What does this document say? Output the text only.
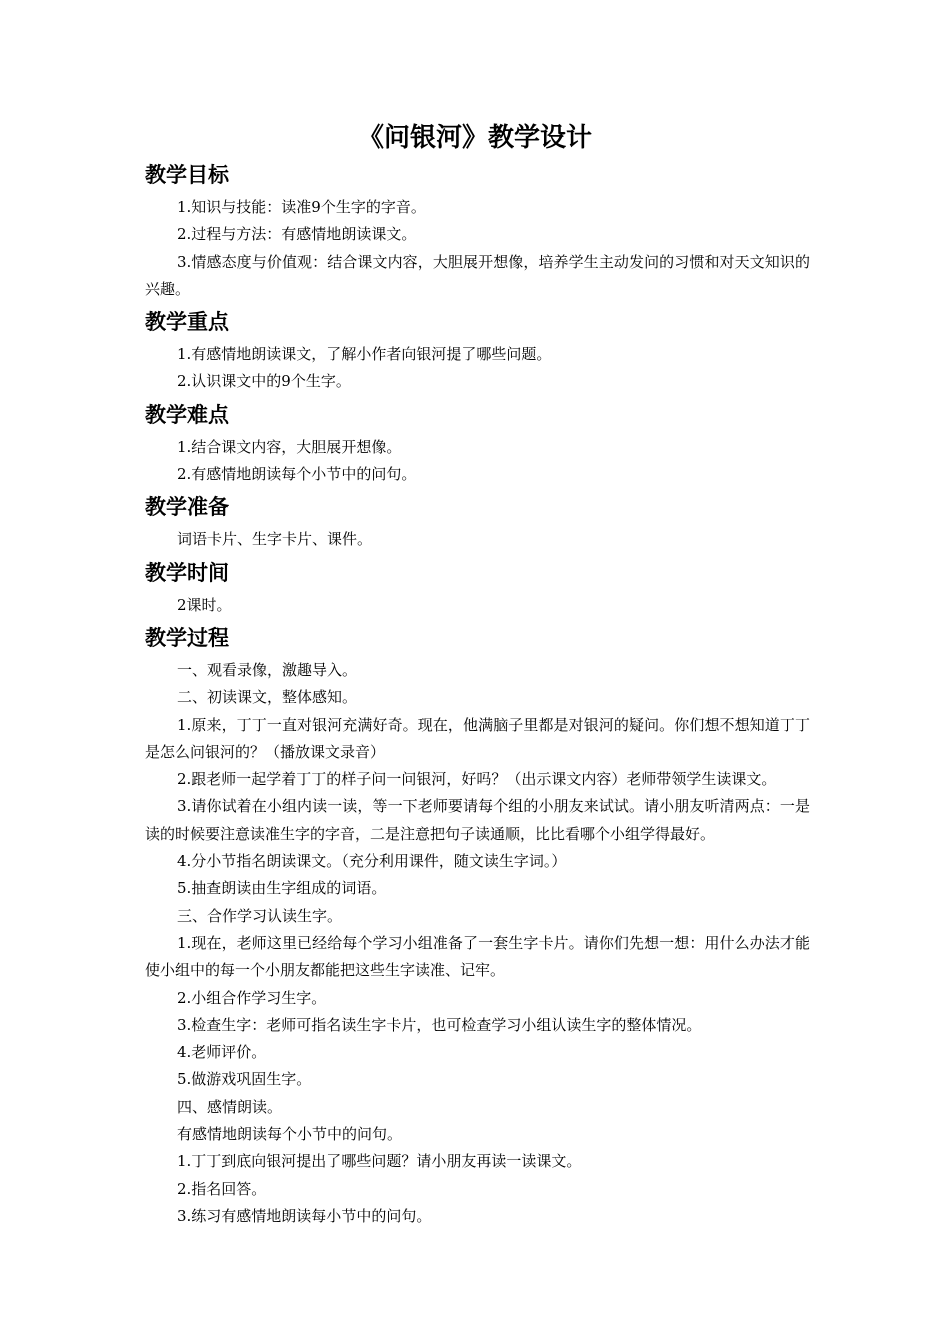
《问银河》教学设计
教学目标

1.知识与技能：读准9个生字的字音。

2.过程与方法：有感情地朗读课文。

3.情感态度与价值观：结合课文内容，大胆展开想像，培养学生主动发问的习惯和对天文知识的兴趣。

教学重点

1.有感情地朗读课文，了解小作者向银河提了哪些问题。

2.认识课文中的9个生字。

教学难点

1.结合课文内容，大胆展开想像。

2.有感情地朗读每个小节中的问句。

教学准备

词语卡片、生字卡片、课件。

教学时间

2课时。

教学过程

一、观看录像，激趣导入。

二、初读课文，整体感知。

1.原来，丁丁一直对银河充满好奇。现在，他满脑子里都是对银河的疑问。你们想不想知道丁丁是怎么问银河的？（播放课文录音）

2.跟老师一起学着丁丁的样子问一问银河，好吗？（出示课文内容）老师带领学生读课文。

3.请你试着在小组内读一读，等一下老师要请每个组的小朋友来试试。请小朋友听清两点：一是读的时候要注意读准生字的字音，二是注意把句子读通顺，比比看哪个小组学得最好。

4.分小节指名朗读课文。（充分利用课件，随文读生字词。）

5.抽查朗读由生字组成的词语。

三、合作学习认读生字。

1.现在，老师这里已经给每个学习小组准备了一套生字卡片。请你们先想一想：用什么办法才能使小组中的每一个小朋友都能把这些生字读准、记牢。

2.小组合作学习生字。

3.检查生字：老师可指名读生字卡片，也可检查学习小组认读生字的整体情况。

4.老师评价。

5.做游戏巩固生字。

四、感情朗读。

有感情地朗读每个小节中的问句。

1.丁丁到底向银河提出了哪些问题？请小朋友再读一读课文。

2.指名回答。

3.练习有感情地朗读每小节中的问句。
